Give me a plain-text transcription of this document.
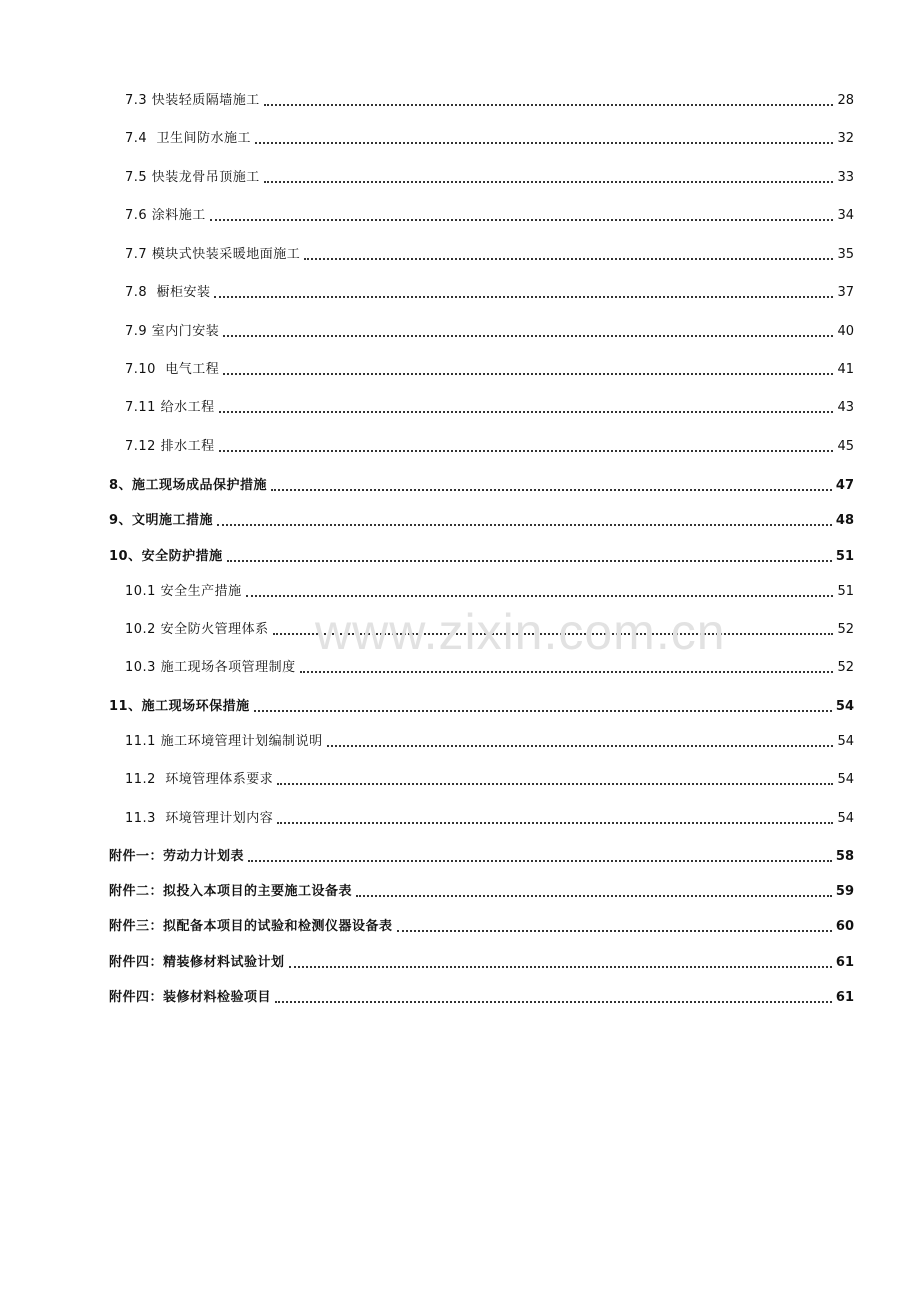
7.3 快装轻质隔墙施工	28
7.4  卫生间防水施工	32
7.5 快装龙骨吊顶施工	33
7.6 涂料施工	34
7.7 模块式快装采暖地面施工	35
7.8  橱柜安装	37
7.9 室内门安装	40
7.10  电气工程	41
7.11 给水工程	43
7.12 排水工程	45
8、施工现场成品保护措施	47
9、文明施工措施	48
10、安全防护措施	51
10.1 安全生产措施	51
10.2 安全防火管理体系	52
10.3 施工现场各项管理制度	52
11、施工现场环保措施	54
11.1 施工环境管理计划编制说明	54
11.2  环境管理体系要求	54
11.3  环境管理计划内容	54
附件一：劳动力计划表	58
附件二：拟投入本项目的主要施工设备表	59
附件三：拟配备本项目的试验和检测仪器设备表	60
附件四：精装修材料试验计划	61
附件四：装修材料检验项目	61
www.zixin.com.cn
